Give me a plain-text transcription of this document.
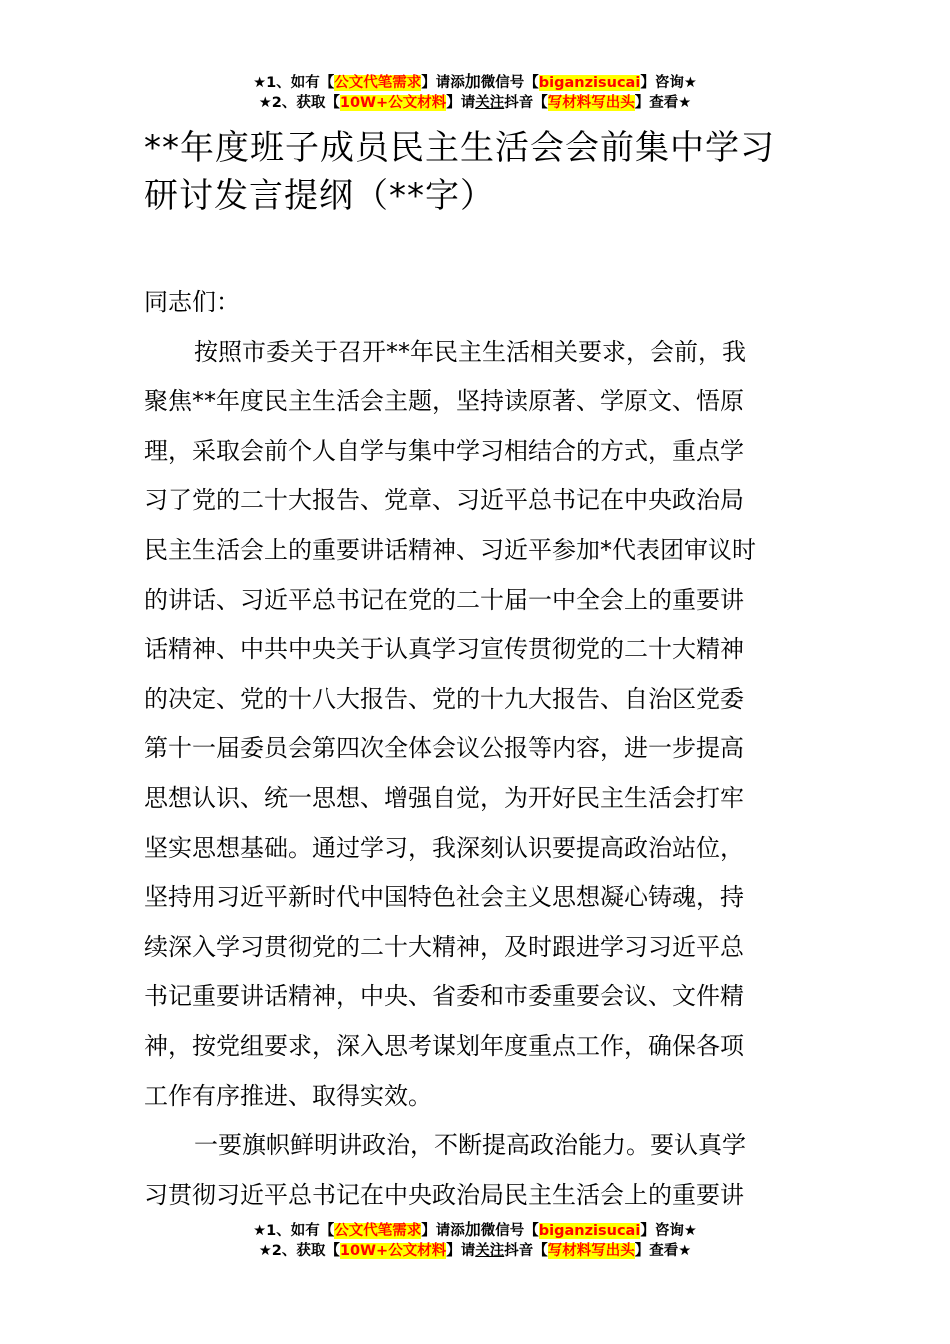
★1、如有【公文代笔需求】请添加微信号【biganzisucai】咨询★
★2、获取【10W+公文材料】请关注抖音【写材料写出头】查看★
**年度班子成员民主生活会会前集中学习
研讨发言提纲（**字）
同志们：
按照市委关于召开**年民主生活相关要求，会前，我
聚焦**年度民主生活会主题，坚持读原著、学原文、悟原
理，采取会前个人自学与集中学习相结合的方式，重点学
习了党的二十大报告、党章、习近平总书记在中央政治局
民主生活会上的重要讲话精神、习近平参加*代表团审议时
的讲话、习近平总书记在党的二十届一中全会上的重要讲
话精神、中共中央关于认真学习宣传贯彻党的二十大精神
的决定、党的十八大报告、党的十九大报告、自治区党委
第十一届委员会第四次全体会议公报等内容，进一步提高
思想认识、统一思想、增强自觉，为开好民主生活会打牢
坚实思想基础。通过学习，我深刻认识要提高政治站位，
坚持用习近平新时代中国特色社会主义思想凝心铸魂，持
续深入学习贯彻党的二十大精神，及时跟进学习习近平总
书记重要讲话精神，中央、省委和市委重要会议、文件精
神，按党组要求，深入思考谋划年度重点工作，确保各项
工作有序推进、取得实效。
一要旗帜鲜明讲政治，不断提高政治能力。要认真学
习贯彻习近平总书记在中央政治局民主生活会上的重要讲
★1、如有【公文代笔需求】请添加微信号【biganzisucai】咨询★
★2、获取【10W+公文材料】请关注抖音【写材料写出头】查看★
